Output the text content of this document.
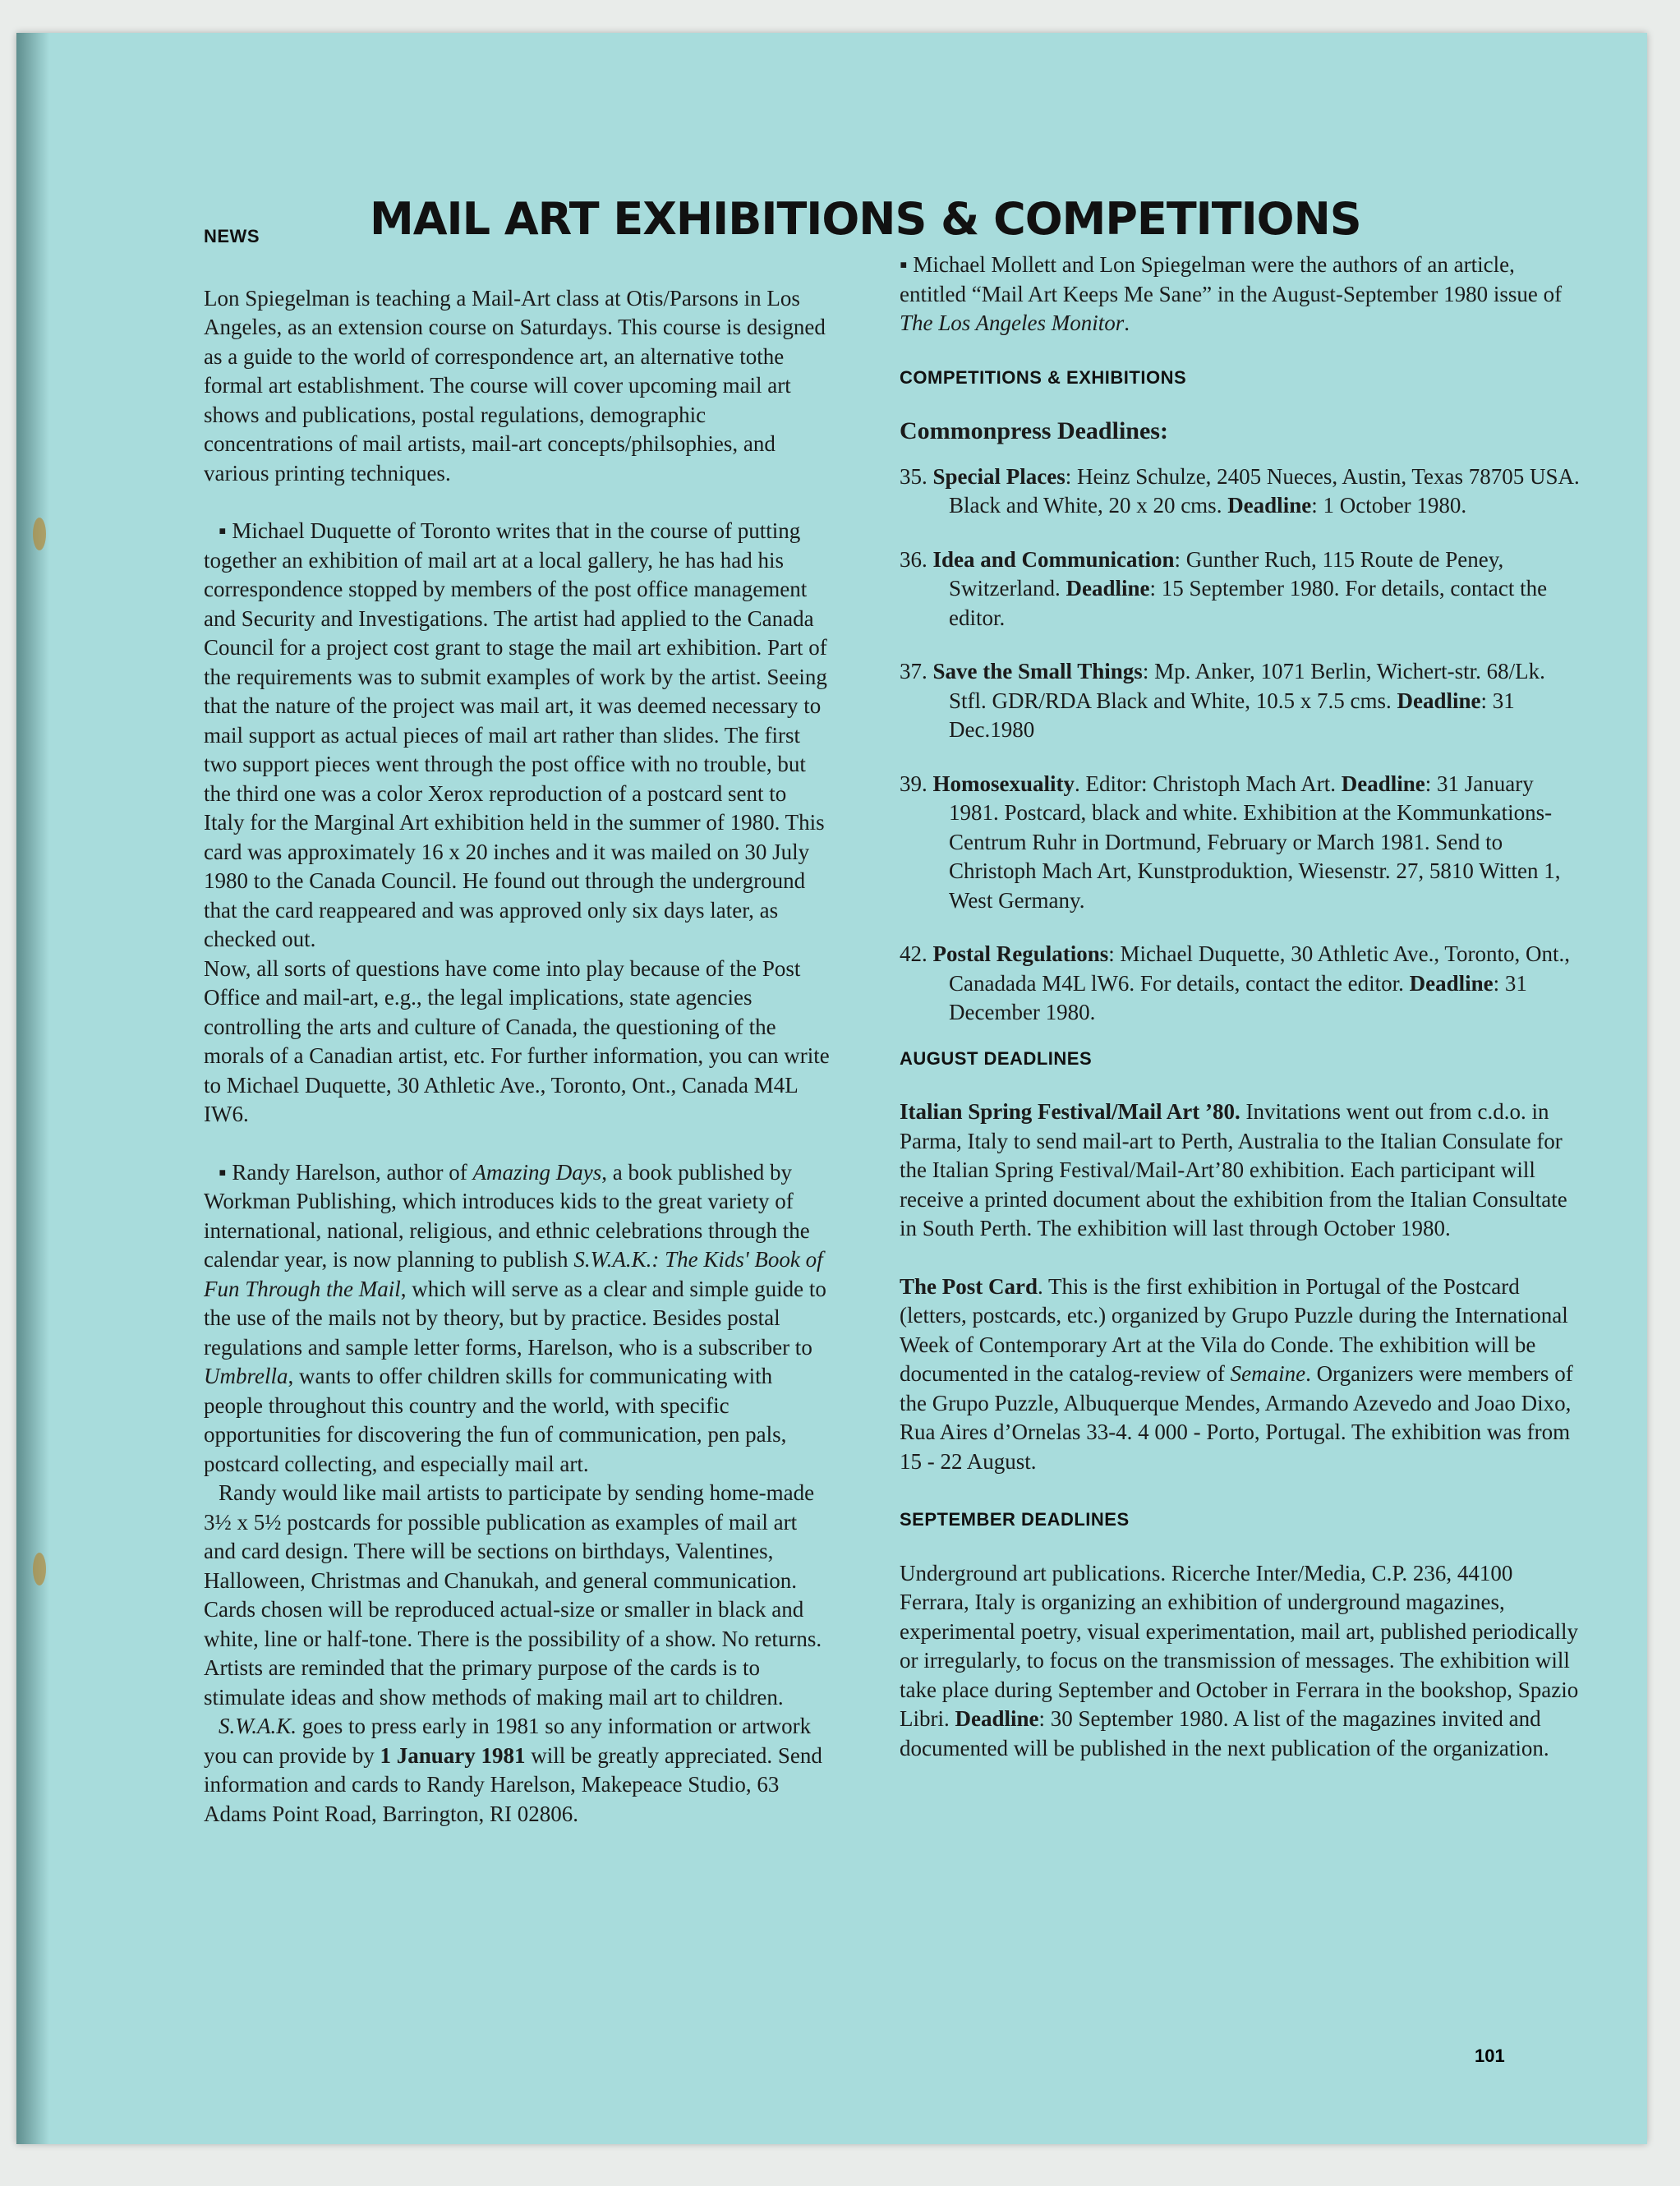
MAIL ART EXHIBITIONS & COMPETITIONS
NEWS

Lon Spiegelman is teaching a Mail-Art class at Otis/Parsons in Los Angeles, as an extension course on Saturdays. This course is designed as a guide to the world of correspondence art, an alternative tothe formal art establishment. The course will cover upcoming mail art shows and publications, postal regulations, demographic concentrations of mail artists, mail-art concepts/philsophies, and various printing techniques.

▪ Michael Duquette of Toronto writes that in the course of putting together an exhibition of mail art at a local gallery, he has had his correspondence stopped by members of the post office management and Security and Investigations. The artist had applied to the Canada Council for a project cost grant to stage the mail art exhibition. Part of the requirements was to submit examples of work by the artist. Seeing that the nature of the project was mail art, it was deemed necessary to mail support as actual pieces of mail art rather than slides. The first two support pieces went through the post office with no trouble, but the third one was a color Xerox reproduction of a postcard sent to Italy for the Marginal Art exhibition held in the summer of 1980. This card was approximately 16 x 20 inches and it was mailed on 30 July 1980 to the Canada Council. He found out through the underground that the card reappeared and was approved only six days later, as checked out.

Now, all sorts of questions have come into play because of the Post Office and mail-art, e.g., the legal implications, state agencies controlling the arts and culture of Canada, the questioning of the morals of a Canadian artist, etc. For further information, you can write to Michael Duquette, 30 Athletic Ave., Toronto, Ont., Canada M4L IW6.

▪ Randy Harelson, author of Amazing Days, a book published by Workman Publishing, which introduces kids to the great variety of international, national, religious, and ethnic celebrations through the calendar year, is now planning to publish S.W.A.K.: The Kids' Book of Fun Through the Mail, which will serve as a clear and simple guide to the use of the mails not by theory, but by practice. Besides postal regulations and sample letter forms, Harelson, who is a subscriber to Umbrella, wants to offer children skills for communicating with people throughout this country and the world, with specific opportunities for discovering the fun of communication, pen pals, postcard collecting, and especially mail art.

Randy would like mail artists to participate by sending home-made 3½ x 5½ postcards for possible publication as examples of mail art and card design. There will be sections on birthdays, Valentines, Halloween, Christmas and Chanukah, and general communication. Cards chosen will be reproduced actual-size or smaller in black and white, line or half-tone. There is the possibility of a show. No returns. Artists are reminded that the primary purpose of the cards is to stimulate ideas and show methods of making mail art to children.

S.W.A.K. goes to press early in 1981 so any information or artwork you can provide by 1 January 1981 will be greatly appreciated. Send information and cards to Randy Harelson, Makepeace Studio, 63 Adams Point Road, Barrington, RI 02806.

▪ Michael Mollett and Lon Spiegelman were the authors of an article, entitled “Mail Art Keeps Me Sane” in the August-September 1980 issue of The Los Angeles Monitor.

COMPETITIONS & EXHIBITIONS
Commonpress Deadlines:

35. Special Places: Heinz Schulze, 2405 Nueces, Austin, Texas 78705 USA. Black and White, 20 x 20 cms. Deadline: 1 October 1980.

36. Idea and Communication: Gunther Ruch, 115 Route de Peney, Switzerland. Deadline: 15 September 1980. For details, contact the editor.

37. Save the Small Things: Mp. Anker, 1071 Berlin, Wichert-str. 68/Lk. Stfl. GDR/RDA Black and White, 10.5 x 7.5 cms. Deadline: 31 Dec.1980

39. Homosexuality. Editor: Christoph Mach Art. Deadline: 31 January 1981. Postcard, black and white. Exhibition at the Kommunkations-Centrum Ruhr in Dortmund, February or March 1981. Send to Christoph Mach Art, Kunstproduktion, Wiesenstr. 27, 5810 Witten 1, West Germany.

42. Postal Regulations: Michael Duquette, 30 Athletic Ave., Toronto, Ont., Canadada M4L lW6. For details, contact the editor. Deadline: 31 December 1980.

AUGUST DEADLINES

Italian Spring Festival/Mail Art ’80. Invitations went out from c.d.o. in Parma, Italy to send mail-art to Perth, Australia to the Italian Consulate for the Italian Spring Festival/Mail-Art’80 exhibition. Each participant will receive a printed document about the exhibition from the Italian Consultate in South Perth. The exhibition will last through October 1980.

The Post Card. This is the first exhibition in Portugal of the Postcard (letters, postcards, etc.) organized by Grupo Puzzle during the International Week of Contemporary Art at the Vila do Conde. The exhibition will be documented in the catalog-review of Semaine. Organizers were members of the Grupo Puzzle, Albuquerque Mendes, Armando Azevedo and Joao Dixo, Rua Aires d’Ornelas 33-4. 4 000 - Porto, Portugal. The exhibition was from 15 - 22 August.

SEPTEMBER DEADLINES

Underground art publications. Ricerche Inter/Media, C.P. 236, 44100 Ferrara, Italy is organizing an exhibition of underground magazines, experimental poetry, visual experimentation, mail art, published periodically or irregularly, to focus on the transmission of messages. The exhibition will take place during September and October in Ferrara in the bookshop, Spazio Libri. Deadline: 30 September 1980. A list of the magazines invited and documented will be published in the next publication of the organization.

101
